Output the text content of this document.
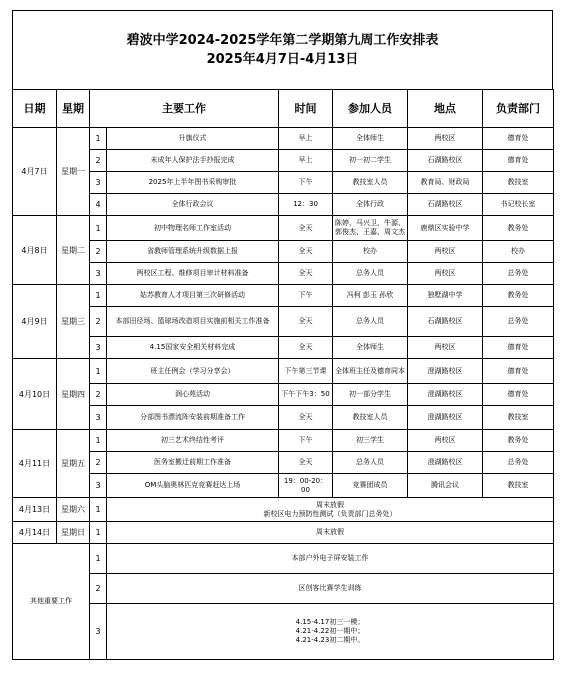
碧波中学2024-2025学年第二学期第九周工作安排表
2025年4月7日-4月13日
日期	星期	主要工作		时间	参加人员	地点	负责部门
4月7日	星期一	1	升旗仪式	早上	全体师生	两校区	德育处
		2	未成年人保护法手抄报完成	早上	初一初二学生	石湖路校区	德育处
		3	2025年上半年图书采购审批	下午	教技室人员	教育局、财政局	教技室
		4	全体行政会议	12：30	全体行政	石湖路校区	书记校长室
4月8日	星期二	1	初中物理名师工作室活动	全天	陈婷、马兴卫、牛源、郭俊杰、王嘉、周文杰	鹿鼎区实验中学	教务处
		2	省教师管理系统升级数据上报	全天	校办	两校区	校办
		3	两校区工程、维修项目审计材料准备	全天	总务人员	两校区	总务处
4月9日	星期三	1	姑苏教育人才项目第三次研修活动	下午	冯柯 彭玉 孙欣	独墅湖中学	教务处
		2	本部田径场、篮球场改造项目实施前相关工作准备	全天	总务人员	石湖路校区	总务处
		3	4.15国家安全相关材料完成	全天	全体师生	两校区	德育处
4月10日	星期四	1	班主任例会（学习分享会）	下午第三节课	全体班主任及德育同本	澄湖路校区	德育处
		2	润心苑活动	下午下午3：50	初一部分学生	澄湖路校区	德育处
		3	分部图书漂流阵安装前期准备工作	全天	教技室人员	澄湖路校区	教技室
4月11日	星期五	1	初三艺术终结性考评	下午	初三学生	两校区	教务处
		2	医务室搬迁前期工作准备	全天	总务人员	澄湖路校区	总务处
		3	OM头脑奥林匹克竞赛赶达上场	19：00-20：00	竞赛团成员	腾讯会议	教技室
4月13日	星期六	1	周末放假
新校区电力预防性测试（负责部门总务处）				
4月14日	星期日	1	周末放假				
其他重要工作		1	本部户外电子屏安装工作				
		2	区创客比赛学生训练				
		3	4.15-4.17初三一模；
4.21-4.22初一期中；
4.21-4.23初二期中。				
